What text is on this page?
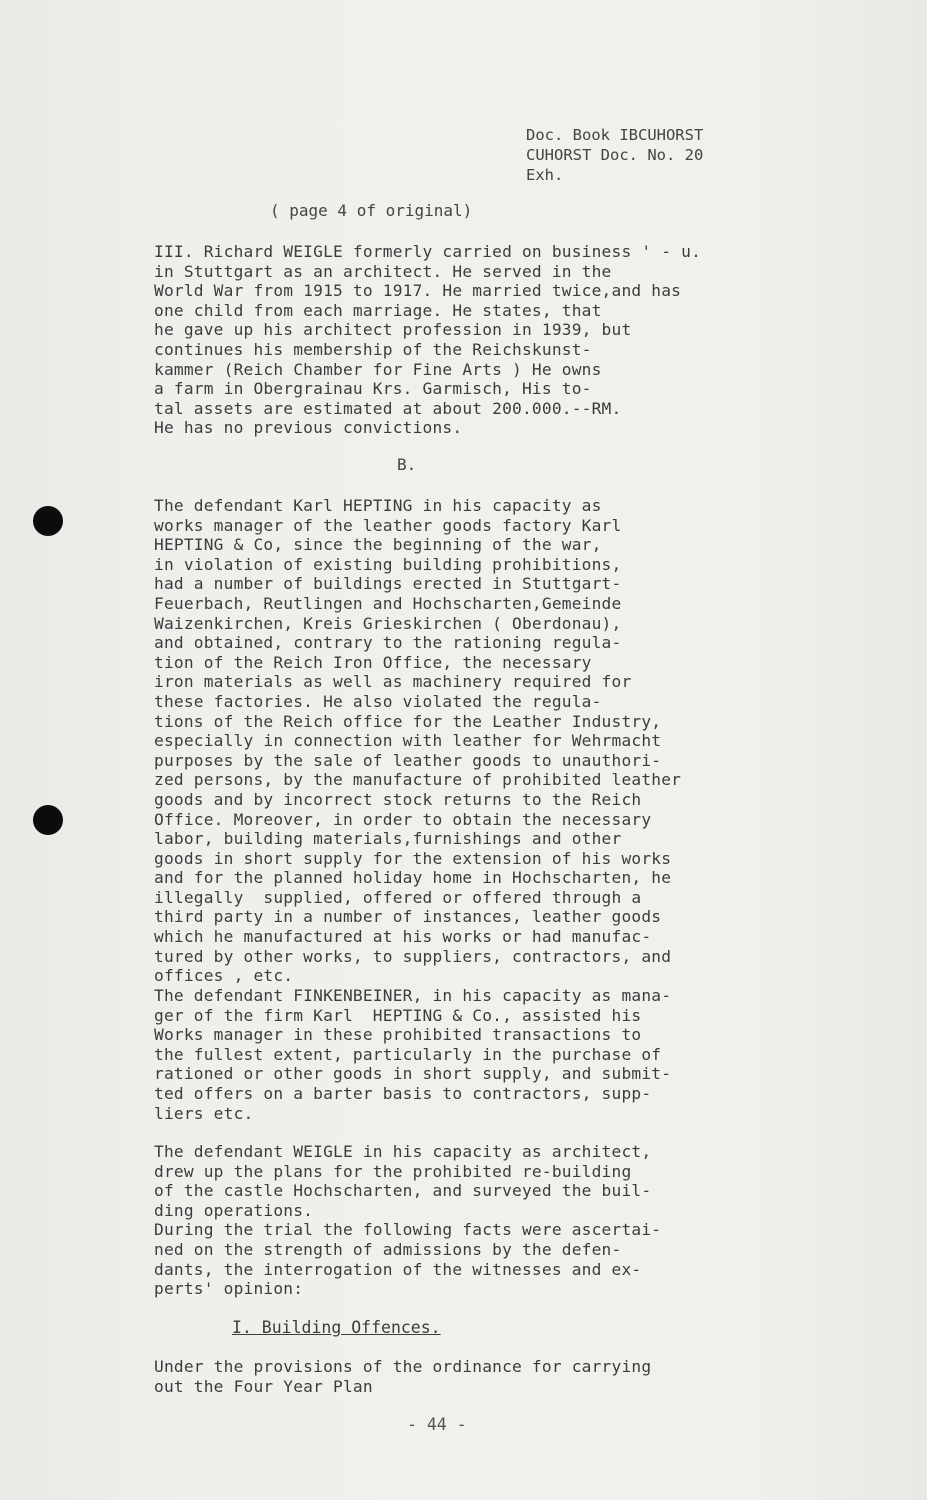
Doc. Book IBCUHORST
CUHORST Doc. No. 20
Exh.
( page 4 of original)
III. Richard WEIGLE formerly carried on business ' - u.
in Stuttgart as an architect. He served in the
World War from 1915 to 1917. He married twice,and has
one child from each marriage. He states, that
he gave up his architect profession in 1939, but
continues his membership of the Reichskunst-
kammer (Reich Chamber for Fine Arts ) He owns
a farm in Obergrainau Krs. Garmisch, His to-
tal assets are estimated at about 200.000.--RM.
He has no previous convictions.
B.
The defendant Karl HEPTING in his capacity as
works manager of the leather goods factory Karl
HEPTING & Co, since the beginning of the war,
in violation of existing building prohibitions,
had a number of buildings erected in Stuttgart-
Feuerbach, Reutlingen and Hochscharten,Gemeinde
Waizenkirchen, Kreis Grieskirchen ( Oberdonau),
and obtained, contrary to the rationing regula-
tion of the Reich Iron Office, the necessary
iron materials as well as machinery required for
these factories. He also violated the regula-
tions of the Reich office for the Leather Industry,
especially in connection with leather for Wehrmacht
purposes by the sale of leather goods to unauthori-
zed persons, by the manufacture of prohibited leather
goods and by incorrect stock returns to the Reich
Office. Moreover, in order to obtain the necessary
labor, building materials,furnishings and other
goods in short supply for the extension of his works
and for the planned holiday home in Hochscharten, he
illegally  supplied, offered or offered through a
third party in a number of instances, leather goods
which he manufactured at his works or had manufac-
tured by other works, to suppliers, contractors, and
offices , etc.
The defendant FINKENBEINER, in his capacity as mana-
ger of the firm Karl  HEPTING & Co., assisted his
Works manager in these prohibited transactions to
the fullest extent, particularly in the purchase of
rationed or other goods in short supply, and submit-
ted offers on a barter basis to contractors, supp-
liers etc.
The defendant WEIGLE in his capacity as architect,
drew up the plans for the prohibited re-building
of the castle Hochscharten, and surveyed the buil-
ding operations.
During the trial the following facts were ascertai-
ned on the strength of admissions by the defen-
dants, the interrogation of the witnesses and ex-
perts' opinion:
I. Building Offences.
Under the provisions of the ordinance for carrying
out the Four Year Plan
- 44 -
